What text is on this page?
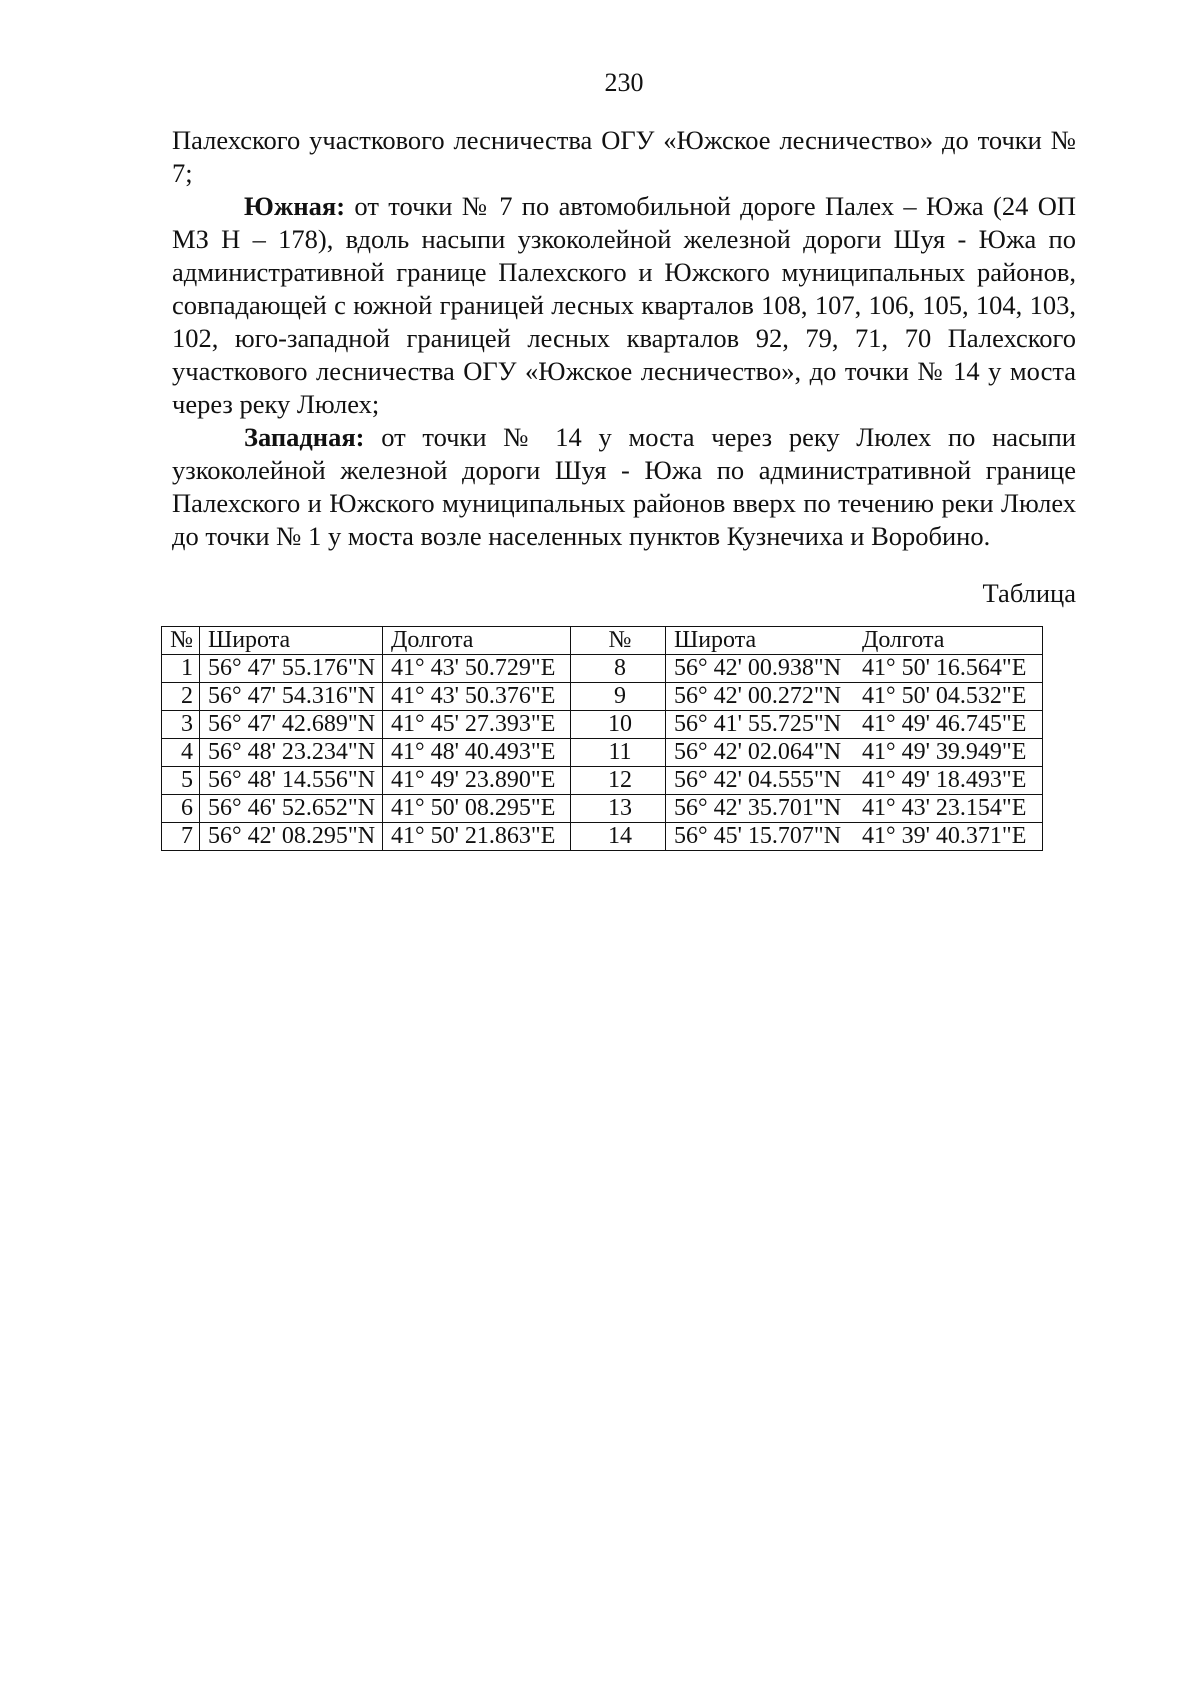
230

Палехского участкового лесничества ОГУ «Южское лесничество» до точки № 7;

Южная: от точки № 7 по автомобильной дороге Палех – Южа (24 ОП МЗ Н – 178), вдоль насыпи узкоколейной железной дороги Шуя - Южа по административной границе Палехского и Южского муниципальных районов, совпадающей с южной границей лесных кварталов 108, 107, 106, 105, 104, 103, 102, юго-западной границей лесных кварталов 92, 79, 71, 70 Палехского участкового лесничества ОГУ «Южское лесничество», до точки № 14 у моста через реку Люлех;

Западная: от точки № 14 у моста через реку Люлех по насыпи узкоколейной железной дороги Шуя - Южа по административной границе Палехского и Южского муниципальных районов вверх по течению реки Люлех до точки № 1 у моста возле населенных пунктов Кузнечиха и Воробино.

Таблица
№	Широта	Долгота	№	Широта	Долгота
1	56° 47' 55.176"N	41° 43' 50.729"E	8	56° 42' 00.938"N	41° 50' 16.564"E
2	56° 47' 54.316"N	41° 43' 50.376"E	9	56° 42' 00.272"N	41° 50' 04.532"E
3	56° 47' 42.689"N	41° 45' 27.393"E	10	56° 41' 55.725"N	41° 49' 46.745"E
4	56° 48' 23.234"N	41° 48' 40.493"E	11	56° 42' 02.064"N	41° 49' 39.949"E
5	56° 48' 14.556"N	41° 49' 23.890"E	12	56° 42' 04.555"N	41° 49' 18.493"E
6	56° 46' 52.652"N	41° 50' 08.295"E	13	56° 42' 35.701"N	41° 43' 23.154"E
7	56° 42' 08.295"N	41° 50' 21.863"E	14	56° 45' 15.707"N	41° 39' 40.371"E
